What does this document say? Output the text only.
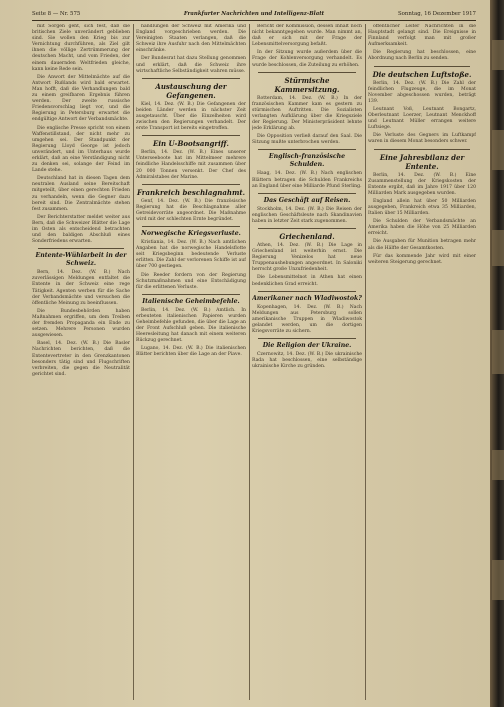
Seite 8 — Nr. 575	Frankfurter Nachrichten und Intelligenz-Blatt	Sonntag, 16 Dezember 1917

mit Sorgen geht, sich fest, daß die britischen Ziele unverändert geblieben sind. Sie wollen den Krieg bis zur Vernichtung durchführen, als Ziel gilt ihnen die völlige Zertrümmerung der deutschen Macht, und vom Frieden, der einem dauernden Weltfrieden gleiche, kann keine Rede sein.

Die Anwort der Mittelmächte auf die Antwort Rußlands wird bald erwartet. Man hofft, daß die Verhandlungen bald zu einem greifbaren Ergebnis führen werden. Der zweite russische Friedensvorschlag liegt vor, und die Regierung in Petersburg erwartet die endgültige Antwort der Verbandsmächte.

Die englische Presse spricht von einem Waffenstillstand, der nicht mehr zu umgehen sei. Der Standpunkt der Regierung Lloyd George ist jedoch unverändert, und im Unterhaus wurde erklärt, daß an eine Verständigung nicht zu denken sei, solange der Feind im Lande stehe.

Deutschland hat in diesen Tagen dem neutralen Ausland seine Bereitschaft mitgeteilt, über einen gerechten Frieden zu verhandeln, wenn die Gegner dazu bereit sind. Die Zentralmächte stehen fest zusammen.

Der Berichterstatter meldet weiter aus Bern, daß die Schweizer Blätter die Lage im Osten als entscheidend betrachten und den baldigen Abschluß eines Sonderfriedens erwarten.

Entente-Wühlarbeit in der Schweiz.

Bern, 14. Dez. (W. B.) Nach zuverlässigen Meldungen entfaltet die Entente in der Schweiz eine rege Tätigkeit. Agenten werben für die Sache der Verbandsmächte und versuchen die öffentliche Meinung zu beeinflussen.

Die Bundesbehörden haben Maßnahmen ergriffen, um dem Treiben der fremden Propaganda ein Ende zu setzen. Mehrere Personen wurden ausgewiesen.

Basel, 14. Dez. (W. B.) Die Basler Nachrichten berichten, daß die Ententevertreter in den Grenzkantonen besonders tätig sind und Flugschriften verbreiten, die gegen die Neutralität gerichtet sind.

handlungen der Schweiz mit Amerika und England vorgeschrieben werden. Die Vereinigten Staaten verlangen, daß die Schweiz ihre Ausfuhr nach den Mittelmächten einschränke.

Der Bundesrat hat dazu Stellung genommen und erklärt, daß die Schweiz ihre wirtschaftliche Selbständigkeit wahren müsse.

Austauschung der Gefangenen.

Kiel, 14. Dez. (W. B.) Die Gefangenen der beiden Länder werden in nächster Zeit ausgetauscht. Über die Einzelheiten wird zwischen den Regierungen verhandelt. Der erste Transport ist bereits eingetroffen.

Ein U-Bootsangriff.

Berlin, 14. Dez. (W. B.) Eines unserer Unterseeboote hat im Mittelmeer mehrere feindliche Handelsschiffe mit zusammen über 20 000 Tonnen versenkt. Der Chef des Admiralstabes der Marine.

Frankreich beschlagnahmt.

Genf, 14. Dez. (W. B.) Die französische Regierung hat die Beschlagnahme aller Getreidevorräte angeordnet. Die Maßnahme wird mit der schlechten Ernte begründet.

Norwegische Kriegsverluste.

Kristiania, 14. Dez. (W. B.) Nach amtlichen Angaben hat die norwegische Handelsflotte seit Kriegsbeginn bedeutende Verluste erlitten. Die Zahl der verlorenen Schiffe ist auf über 700 gestiegen.

Die Reeder fordern von der Regierung Schutzmaßnahmen und eine Entschädigung für die erlittenen Verluste.

Italienische Geheimbefehle.

Berlin, 14. Dez. (W. B.) Amtlich. In erbeuteten italienischen Papieren wurden Geheimbefehle gefunden, die über die Lage an der Front Aufschluß geben. Die italienische Heeresleitung hat danach mit einem weiteren Rückzug gerechnet.

Lugano, 14. Dez. (W. B.) Die italienischen Blätter berichten über die Lage an der Piave.

Bericht der Kommission, dessen Inhalt noch nicht bekanntgegeben wurde. Man nimmt an, daß er sich mit der Frage der Lebensmittelversorgung befaßt.

In der Sitzung wurde außerdem über die Frage der Kohlenversorgung verhandelt. Es wurde beschlossen, die Zuteilung zu erhöhen.

Stürmische Kammersitzung.

Rotterdam, 14. Dez. (W. B.) In der französischen Kammer kam es gestern zu stürmischen Auftritten. Die Sozialisten verlangten Aufklärung über die Kriegsziele der Regierung. Der Ministerpräsident lehnte jede Erklärung ab.

Die Opposition verließ darauf den Saal. Die Sitzung mußte unterbrochen werden.

Englisch-französische Schulden.

Haag, 14. Dez. (W. B.) Nach englischen Blättern betragen die Schulden Frankreichs an England über eine Milliarde Pfund Sterling.

Das Geschäft auf Reisen.

Stockholm, 14. Dez. (W. B.) Die Reisen der englischen Geschäftsleute nach Skandinavien haben in letzter Zeit stark zugenommen.

Griechenland.

Athen, 14. Dez. (W. B.) Die Lage in Griechenland ist weiterhin ernst. Die Regierung Venizelos hat neue Truppenaushebungen angeordnet. In Saloniki herrscht große Unzufriedenheit.

Die Lebensmittelnot in Athen hat einen bedenklichen Grad erreicht.

Amerikaner nach Wladiwostok?

Kopenhagen, 14. Dez. (W. B.) Nach Meldungen aus Petersburg sollen amerikanische Truppen in Wladiwostok gelandet werden, um die dortigen Kriegsvorräte zu sichern.

Die Religion der Ukraine.

Czernowitz, 14. Dez. (W. B.) Die ukrainische Rada hat beschlossen, eine selbständige ukrainische Kirche zu gründen.

öffentlicher Leiter Nachrichten in die Hauptstadt gelangt sind. Die Ereignisse in Finnland verfolgt man mit großer Aufmerksamkeit.

Die Regierung hat beschlossen, eine Abordnung nach Berlin zu senden.

Die deutschen Luftstoße.

Berlin, 14. Dez. (W. B.) Die Zahl der feindlichen Flugzeuge, die im Monat November abgeschossen wurden, beträgt 139.

Leutnant Voß, Leutnant Bongartz, Oberleutnant Loerzer, Leutnant Menckhoff und Leutnant Müller errangen weitere Luftsiege.

Die Verluste des Gegners im Luftkampf waren in diesem Monat besonders schwer.

Eine Jahresbilanz der Entente.

Berlin, 14. Dez. (W. B.) Eine Zusammenstellung der Kriegskosten der Entente ergibt, daß im Jahre 1917 über 120 Milliarden Mark ausgegeben wurden.

England allein hat über 50 Milliarden ausgegeben, Frankreich etwa 35 Milliarden, Italien über 15 Milliarden.

Die Schulden der Verbandsmächte an Amerika haben die Höhe von 25 Milliarden erreicht.

Die Ausgaben für Munition betragen mehr als die Hälfte der Gesamtkosten.

Für das kommende Jahr wird mit einer weiteren Steigerung gerechnet.
